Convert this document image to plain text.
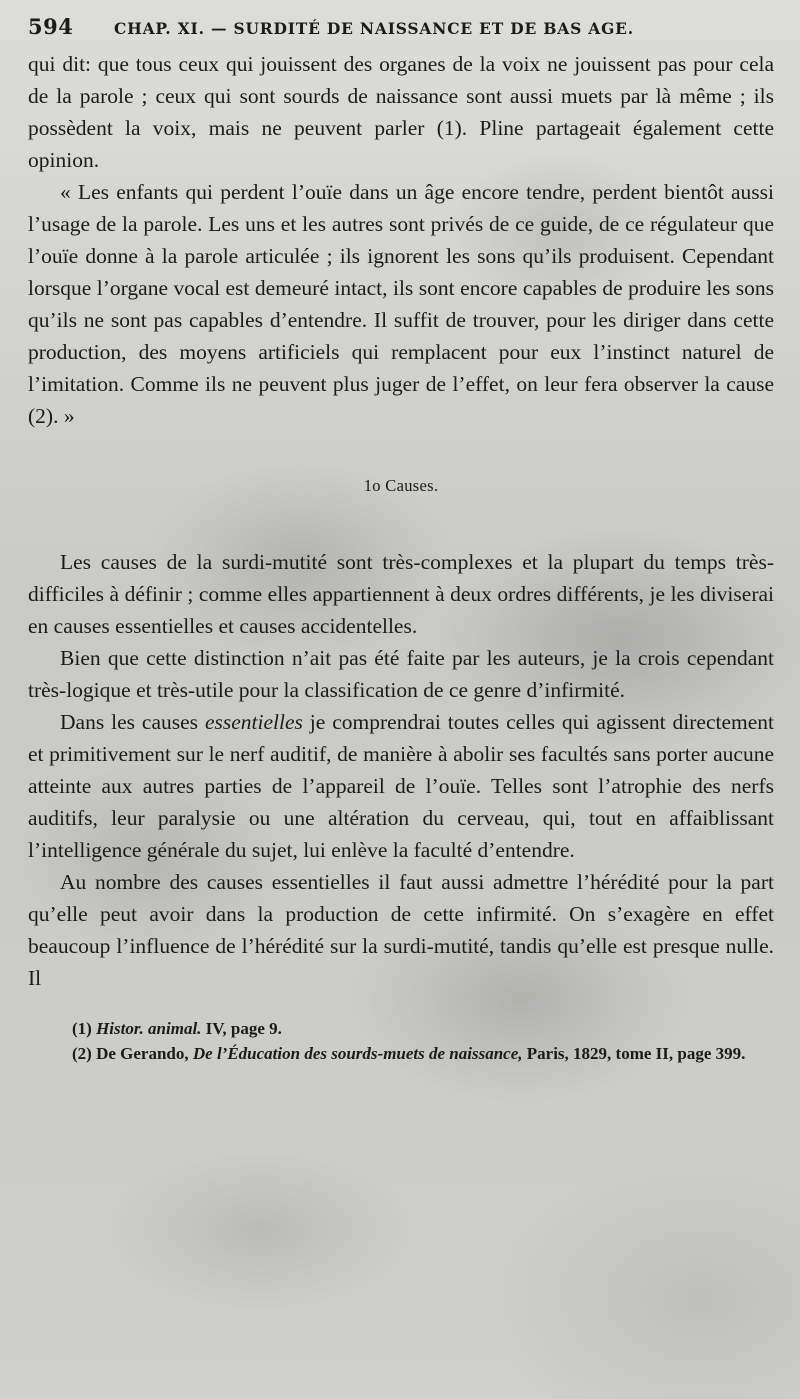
594	CHAP. XI. — SURDITÉ DE NAISSANCE ET DE BAS AGE.

qui dit: que tous ceux qui jouissent des organes de la voix ne jouissent pas pour cela de la parole ; ceux qui sont sourds de naissance sont aussi muets par là même ; ils possèdent la voix, mais ne peuvent parler (1). Pline partageait également cette opinion.

« Les enfants qui perdent l’ouïe dans un âge encore tendre, perdent bientôt aussi l’usage de la parole. Les uns et les autres sont privés de ce guide, de ce régulateur que l’ouïe donne à la parole articulée ; ils ignorent les sons qu’ils produisent. Cependant lorsque l’organe vocal est demeuré intact, ils sont encore capables de produire les sons qu’ils ne sont pas capables d’entendre. Il suffit de trouver, pour les diriger dans cette production, des moyens artificiels qui remplacent pour eux l’instinct naturel de l’imitation. Comme ils ne peuvent plus juger de l’effet, on leur fera observer la cause (2). »

1o Causes.

Les causes de la surdi-mutité sont très-complexes et la plupart du temps très-difficiles à définir ; comme elles appartiennent à deux ordres différents, je les diviserai en causes essentielles et causes accidentelles.

Bien que cette distinction n’ait pas été faite par les auteurs, je la crois cependant très-logique et très-utile pour la classification de ce genre d’infirmité.

Dans les causes essentielles je comprendrai toutes celles qui agissent directement et primitivement sur le nerf auditif, de manière à abolir ses facultés sans porter aucune atteinte aux autres parties de l’appareil de l’ouïe. Telles sont l’atrophie des nerfs auditifs, leur paralysie ou une altération du cerveau, qui, tout en affaiblissant l’intelligence générale du sujet, lui enlève la faculté d’entendre.

Au nombre des causes essentielles il faut aussi admettre l’hérédité pour la part qu’elle peut avoir dans la production de cette infirmité. On s’exagère en effet beaucoup l’influence de l’hérédité sur la surdi-mutité, tandis qu’elle est presque nulle. Il

(1) Histor. animal. IV, page 9.

(2) De Gerando, De l’Éducation des sourds-muets de naissance, Paris, 1829, tome II, page 399.
